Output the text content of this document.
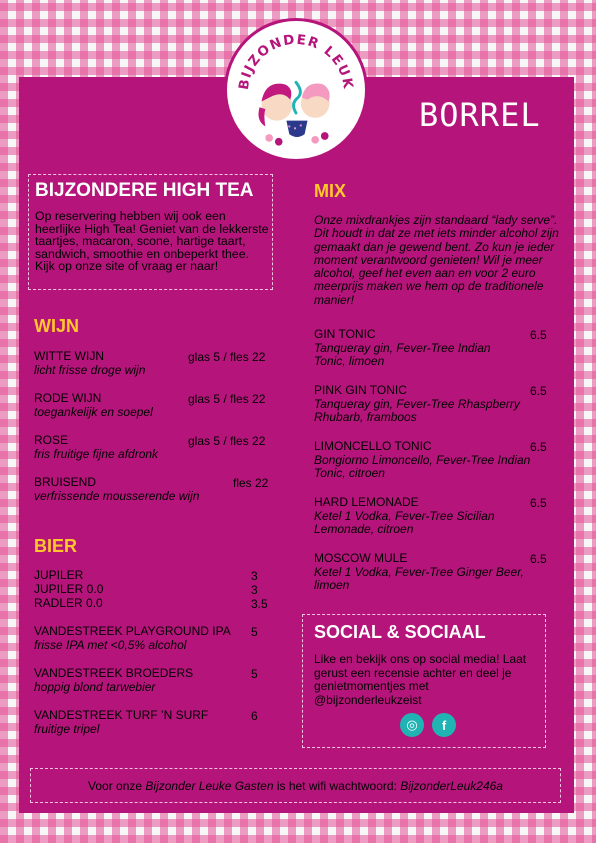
BIJZONDER LEUK
BORREL
BIJZONDERE HIGH TEA
Op reservering hebben wij ook een heerlijke High Tea! Geniet van de lekkerste taartjes, macaron, scone, hartige taart, sandwich, smoothie en onbeperkt thee. Kijk op onze site of vraag er naar!
WIJN
WITTE WIJN	glas 5 / fles 22
licht frisse droge wijn
RODE WIJN	glas 5 / fles 22
toegankelijk en soepel
ROSE	glas 5 / fles 22
fris fruitige fijne afdronk
BRUISEND	fles 22
verfrissende mousserende wijn
BIER
JUPILER	3
JUPILER 0.0	3
RADLER 0.0	3.5
VANDESTREEK PLAYGROUND IPA 5
frisse IPA met <0,5% alcohol
VANDESTREEK BROEDERS	5
hoppig blond tarwebier
VANDESTREEK TURF ’N SURF	6
fruitige tripel
MIX
Onze mixdrankjes zijn standaard “lady serve”. Dit houdt in dat ze met iets minder alcohol zijn gemaakt dan je gewend bent. Zo kun je ieder moment verantwoord genieten! Wil je meer alcohol, geef het even aan en voor 2 euro meerprijs maken we hem op de traditionele manier!
GIN TONIC	6.5
Tanqueray gin, Fever-Tree Indian Tonic, limoen
PINK GIN TONIC	6.5
Tanqueray gin, Fever-Tree Rhaspberry Rhubarb, framboos
LIMONCELLO TONIC	6.5
Bongiorno Limoncello, Fever-Tree Indian Tonic, citroen
HARD LEMONADE	6.5
Ketel 1 Vodka, Fever-Tree Sicilian Lemonade, citroen
MOSCOW MULE	6.5
Ketel 1 Vodka, Fever-Tree Ginger Beer, limoen
SOCIAL & SOCIAAL
Like en bekijk ons op social media! Laat gerust een recensie achter en deel je genietmomentjes met @bijzonderleukzeist
◎ f
Voor onze Bijzonder Leuke Gasten is het wifi wachtwoord: BijzonderLeuk246a
